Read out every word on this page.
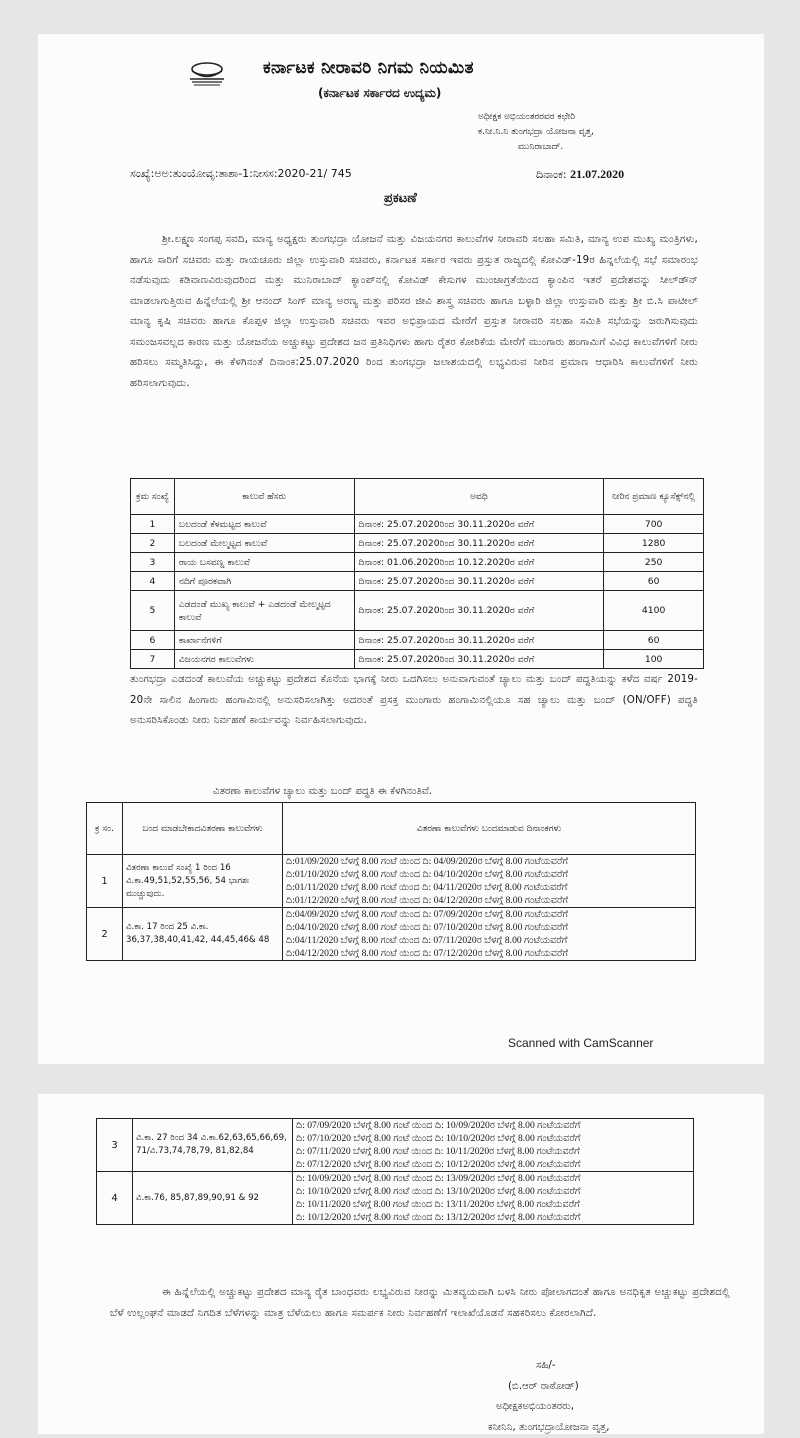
ಕರ್ನಾಟಕ ನೀರಾವರಿ ನಿಗಮ ನಿಯಮಿತ
(ಕರ್ನಾಟಕ ಸರ್ಕಾರದ ಉದ್ಯಮ)
ಅಧೀಕ್ಷಕ ಅಭಿಯಂತರರವರ ಕಛೇರಿ
ಕ.ನೀ.ನಿ.ನಿ ತುಂಗಭದ್ರಾ ಯೋಜನಾ ವೃತ್ತ,
ಮುನಿರಾಬಾದ್.
ಸಂಖ್ಯೆ:ಅಅ:ತುಂಯೋವೃ:ತಾಶಾ-1:ನೀಸಸ:2020-21/ 745	ದಿನಾಂಕ: 21.07.2020
ಪ್ರಕಟಣೆ

ಶ್ರೀ.ಲಕ್ಷ್ಮಣ ಸಂಗಪ್ಪ ಸವದಿ, ಮಾನ್ಯ ಅಧ್ಯಕ್ಷರು ತುಂಗಭದ್ರಾ ಯೋಜನೆ ಮತ್ತು ವಿಜಯನಗರ ಕಾಲುವೆಗಳ ನೀರಾವರಿ ಸಲಹಾ ಸಮಿತಿ, ಮಾನ್ಯ ಉಪ ಮುಖ್ಯ ಮಂತ್ರಿಗಳು, ಹಾಗೂ ಸಾರಿಗೆ ಸಚಿವರು ಮತ್ತು ರಾಯಚೂರು ಜಿಲ್ಲಾ ಉಸ್ತುವಾರಿ ಸಚಿವರು, ಕರ್ನಾಟಕ ಸರ್ಕಾರ ಇವರು ಪ್ರಸ್ತುತ ರಾಜ್ಯದಲ್ಲಿ ಕೋವಿಡ್-19ರ ಹಿನ್ನಲೆಯಲ್ಲಿ ಸಭೆ ಸಮಾರಂಭ ನಡೆಸುವುದು ಕಡಿವಾಣವಿರುವುದರಿಂದ ಮತ್ತು ಮುನಿರಾಬಾದ್ ಕ್ಯಾಂಪ್‌ನಲ್ಲಿ ಕೋವಿಡ್ ಕೇಸುಗಳ ಮುಂಜಾಗ್ರತೆಯಿಂದ ಕ್ಯಾಂಪಿನ ಇತರೆ ಪ್ರದೇಶವನ್ನು ಸೀಲ್‌ಡೌನ್ ಮಾಡಲಾಗುತ್ತಿರುವ ಹಿನ್ನೆಲೆಯಲ್ಲಿ ಶ್ರೀ ಆನಂದ್ ಸಿಂಗ್ ಮಾನ್ಯ ಅರಣ್ಯ ಮತ್ತು ಪರಿಸರ ಜೀವಿ ಶಾಸ್ತ್ರ ಸಚಿವರು ಹಾಗೂ ಬಳ್ಳಾರಿ ಜಿಲ್ಲಾ ಉಸ್ತುವಾರಿ ಮತ್ತು ಶ್ರೀ ಬಿ.ಸಿ ಪಾಟೀಲ್ ಮಾನ್ಯ ಕೃಷಿ ಸಚಿವರು ಹಾಗೂ ಕೊಪ್ಪಳ ಜಿಲ್ಲಾ ಉಸ್ತುವಾರಿ ಸಚಿವರು ಇವರ ಅಭಿಪ್ರಾಯದ ಮೇರೆಗೆ ಪ್ರಸ್ತುತ ನೀರಾವರಿ ಸಲಹಾ ಸಮಿತಿ ಸಭೆಯನ್ನು ಜರುಗಿಸುವುದು ಸಮಂಜಸವಲ್ಲದ ಕಾರಣ ಮತ್ತು ಯೋಜನೆಯ ಅಚ್ಚುಕಟ್ಟು ಪ್ರದೇಶದ ಜನ ಪ್ರತಿನಿಧಿಗಳು ಹಾಗು ರೈತರ ಕೋರಿಕೆಯ ಮೇರೆಗೆ ಮುಂಗಾರು ಹಂಗಾಮಿಗೆ ವಿವಿಧ ಕಾಲುವೆಗಳಿಗೆ ನೀರು ಹರಿಸಲು ಸಮ್ಮತಿಸಿದ್ದು, ಈ ಕೆಳಗಿನಂತೆ ದಿನಾಂಕ:25.07.2020 ರಿಂದ ತುಂಗಭದ್ರಾ ಜಲಾಶಯದಲ್ಲಿ ಲಭ್ಯವಿರುವ ನೀರಿನ ಪ್ರಮಾಣ ಆಧಾರಿಸಿ ಕಾಲುವೆಗಳಿಗೆ ನೀರು ಹರಿಸಲಾಗುವುದು.

ಕ್ರಮ ಸಂಖ್ಯೆ	ಕಾಲುವೆ ಹೆಸರು	ಅವಧಿ	ನೀರಿನ ಪ್ರಮಾಣ ಕ್ಯೂಸೆಕ್ಸ್‌ನಲ್ಲಿ
1	ಬಲದಂಡೆ ಕೆಳಮಟ್ಟದ ಕಾಲುವೆ	ದಿನಾಂಕ: 25.07.2020ರಿಂದ 30.11.2020ರ ವರೆಗೆ	700
2	ಬಲದಂಡೆ ಮೇಲ್ಮಟ್ಟದ ಕಾಲುವೆ	ದಿನಾಂಕ: 25.07.2020ರಿಂದ 30.11.2020ರ ವರೆಗೆ	1280
3	ರಾಯ ಬಸವಣ್ಣ ಕಾಲುವೆ	ದಿನಾಂಕ: 01.06.2020ರಿಂದ 10.12.2020ರ ವರೆಗೆ	250
4	ನದಿಗೆ ಪೂರಕವಾಗಿ	ದಿನಾಂಕ: 25.07.2020ರಿಂದ 30.11.2020ರ ವರೆಗೆ	60
5	ಎಡದಂಡೆ ಮುಖ್ಯ ಕಾಲುವೆ + ಎಡದಂಡೆ ಮೇಲ್ಮಟ್ಟದ ಕಾಲುವೆ	ದಿನಾಂಕ: 25.07.2020ರಿಂದ 30.11.2020ರ ವರೆಗೆ	4100
6	ಕಾರ್ಖಾನೆಗಳಿಗೆ	ದಿನಾಂಕ: 25.07.2020ರಿಂದ 30.11.2020ರ ವರೆಗೆ	60
7	ವಿಜಯನಗರ ಕಾಲುವೆಗಳು	ದಿನಾಂಕ: 25.07.2020ರಿಂದ 30.11.2020ರ ವರೆಗೆ	100

ತುಂಗಭದ್ರಾ ಎಡದಂಡೆ ಕಾಲುವೆಯ ಅಚ್ಚುಕಟ್ಟು ಪ್ರದೇಶದ ಕೊನೆಯ ಭಾಗಕ್ಕೆ ನೀರು ಒದಗಿಸಲು ಅನುವಾಗುವಂತೆ ಚ್ಯಾಲು ಮತ್ತು ಬಂದ್ ಪದ್ಧತಿಯನ್ನು ಕಳೆದ ವರ್ಷ 2019-20ನೇ ಸಾಲಿನ ಹಿಂಗಾರು ಹಂಗಾಮಿನಲ್ಲಿ ಅನುಸರಿಸಲಾಗಿತ್ತು ಅದರಂತೆ ಪ್ರಸಕ್ತ ಮುಂಗಾರು ಹಂಗಾಮಿನಲ್ಲಿಯೂ ಸಹ ಚ್ಯಾಲು ಮತ್ತು ಬಂದ್ (ON/OFF) ಪದ್ಧತಿ ಅನುಸರಿಸಿಕೊಂಡು ನೀರು ನಿರ್ವಹಣೆ ಕಾರ್ಯವನ್ನು ನಿರ್ವಹಿಸಲಾಗುವುದು.

ವಿತರಣಾ ಕಾಲುವೆಗಳ ಚ್ಯಾಲು ಮತ್ತು ಬಂದ್ ಪದ್ಧತಿ ಈ ಕೆಳಗಿನಂತಿವೆ.
ಕ್ರ ಸಂ.	ಬಂದ ಮಾಡಬೇಕಾದವಿತರಣಾ ಕಾಲುವೆಗಳು	ವಿತರಣಾ ಕಾಲುವೆಗಳು ಬಂದಮಾಡುವ ದಿನಾಂಕಗಳು
1	ವಿತರಣಾ ಕಾಲುವೆ ಸಂಖ್ಯೆ 1 ರಿಂದ 16 ವಿ.ಕಾ.49,51,52,55,56, 54 ಭಾಗಶಃ ಮುಚ್ಚುವುದು.	ದಿ:01/09/2020 ಬೆಳಗ್ಗೆ 8.00 ಗಂಟೆ ಯಿಂದ ದಿ: 04/09/2020ರ ಬೆಳಗ್ಗೆ 8.00 ಗಂಟೆಯವರೆಗೆ
ದಿ:01/10/2020 ಬೆಳಗ್ಗೆ 8.00 ಗಂಟೆ ಯಿಂದ ದಿ: 04/10/2020ರ ಬೆಳಗ್ಗೆ 8.00 ಗಂಟೆಯವರೆಗೆ
ದಿ:01/11/2020 ಬೆಳಗ್ಗೆ 8.00 ಗಂಟೆ ಯಿಂದ ದಿ: 04/11/2020ರ ಬೆಳಗ್ಗೆ 8.00 ಗಂಟೆಯವರೆಗೆ
ದಿ:01/12/2020 ಬೆಳಗ್ಗೆ 8.00 ಗಂಟೆ ಯಿಂದ ದಿ: 04/12/2020ರ ಬೆಳಗ್ಗೆ 8.00 ಗಂಟೆಯವರೆಗೆ

2	ವಿ.ಕಾ. 17 ರಿಂದ 25 ವಿ.ಕಾ. 36,37,38,40,41,42, 44,45,46& 48	ದಿ:04/09/2020 ಬೆಳಗ್ಗೆ 8.00 ಗಂಟೆ ಯಿಂದ ದಿ: 07/09/2020ರ ಬೆಳಗ್ಗೆ 8.00 ಗಂಟೆಯವರೆಗೆ
ದಿ:04/10/2020 ಬೆಳಗ್ಗೆ 8.00 ಗಂಟೆ ಯಿಂದ ದಿ: 07/10/2020ರ ಬೆಳಗ್ಗೆ 8.00 ಗಂಟೆಯವರೆಗೆ
ದಿ:04/11/2020 ಬೆಳಗ್ಗೆ 8.00 ಗಂಟೆ ಯಿಂದ ದಿ: 07/11/2020ರ ಬೆಳಗ್ಗೆ 8.00 ಗಂಟೆಯವರೆಗೆ
ದಿ:04/12/2020 ಬೆಳಗ್ಗೆ 8.00 ಗಂಟೆ ಯಿಂದ ದಿ: 07/12/2020ರ ಬೆಳಗ್ಗೆ 8.00 ಗಂಟೆಯವರೆಗೆ
Scanned with CamScanner
3	ವಿ.ಕಾ. 27 ರಿಂದ 34 ವಿ.ಕಾ.62,63,65,66,69, 71/ವಿ.73,74,78,79, 81,82,84	ದಿ: 07/09/2020 ಬೆಳಗ್ಗೆ 8.00 ಗಂಟೆ ಯಿಂದ ದಿ: 10/09/2020ರ ಬೆಳಗ್ಗೆ 8.00 ಗಂಟೆಯವರೆಗೆ
ದಿ: 07/10/2020 ಬೆಳಗ್ಗೆ 8.00 ಗಂಟೆ ಯಿಂದ ದಿ: 10/10/2020ರ ಬೆಳಗ್ಗೆ 8.00 ಗಂಟೆಯವರೆಗೆ
ದಿ: 07/11/2020 ಬೆಳಗ್ಗೆ 8.00 ಗಂಟೆ ಯಿಂದ ದಿ: 10/11/2020ರ ಬೆಳಗ್ಗೆ 8.00 ಗಂಟೆಯವರೆಗೆ
ದಿ: 07/12/2020 ಬೆಳಗ್ಗೆ 8.00 ಗಂಟೆ ಯಿಂದ ದಿ: 10/12/2020ರ ಬೆಳಗ್ಗೆ 8.00 ಗಂಟೆಯವರೆಗೆ

4	ವಿ.ಕಾ.76, 85,87,89,90,91 & 92	ದಿ: 10/09/2020 ಬೆಳಗ್ಗೆ 8.00 ಗಂಟೆ ಯಿಂದ ದಿ: 13/09/2020ರ ಬೆಳಗ್ಗೆ 8.00 ಗಂಟೆಯವರೆಗೆ
ದಿ: 10/10/2020 ಬೆಳಗ್ಗೆ 8.00 ಗಂಟೆ ಯಿಂದ ದಿ: 13/10/2020ರ ಬೆಳಗ್ಗೆ 8.00 ಗಂಟೆಯವರೆಗೆ
ದಿ: 10/11/2020 ಬೆಳಗ್ಗೆ 8.00 ಗಂಟೆ ಯಿಂದ ದಿ: 13/11/2020ರ ಬೆಳಗ್ಗೆ 8.00 ಗಂಟೆಯವರೆಗೆ
ದಿ: 10/12/2020 ಬೆಳಗ್ಗೆ 8.00 ಗಂಟೆ ಯಿಂದ ದಿ: 13/12/2020ರ ಬೆಳಗ್ಗೆ 8.00 ಗಂಟೆಯವರೆಗೆ

ಈ ಹಿನ್ನೆಲೆಯಲ್ಲಿ ಅಚ್ಚುಕಟ್ಟು ಪ್ರದೇಶದ ಮಾನ್ಯ ರೈತ ಬಾಂಧವರು ಲಭ್ಯವಿರುವ ನೀರನ್ನು ಮಿತವ್ಯಯವಾಗಿ ಬಳಸಿ ನೀರು ಪೋಲಾಗದಂತೆ ಹಾಗೂ ಅನಧಿಕೃತ ಅಚ್ಚುಕಟ್ಟು ಪ್ರದೇಶದಲ್ಲಿ ಬೆಳೆ ಉಲ್ಲಂಘನೆ ಮಾಡದೆ ನಿಗದಿತ ಬೆಳೆಗಳನ್ನು ಮಾತ್ರ ಬೆಳೆಯಲು ಹಾಗೂ ಸಮರ್ಪಕ ನೀರು ನಿರ್ವಹಣೆಗೆ ಇಲಾಖೆಯೊಡನೆ ಸಹಕರಿಸಲು ಕೋರಲಾಗಿದೆ.

ಸಹಿ/-
(ಬಿ.ಆರ್ ರಾಠೋಡ್)
ಅಧೀಕ್ಷಕಅಭಿಯಂತರರು,
ಕನೀನಿನಿ, ತುಂಗಭದ್ರಾಯೋಜನಾ ವೃತ್ತ,
